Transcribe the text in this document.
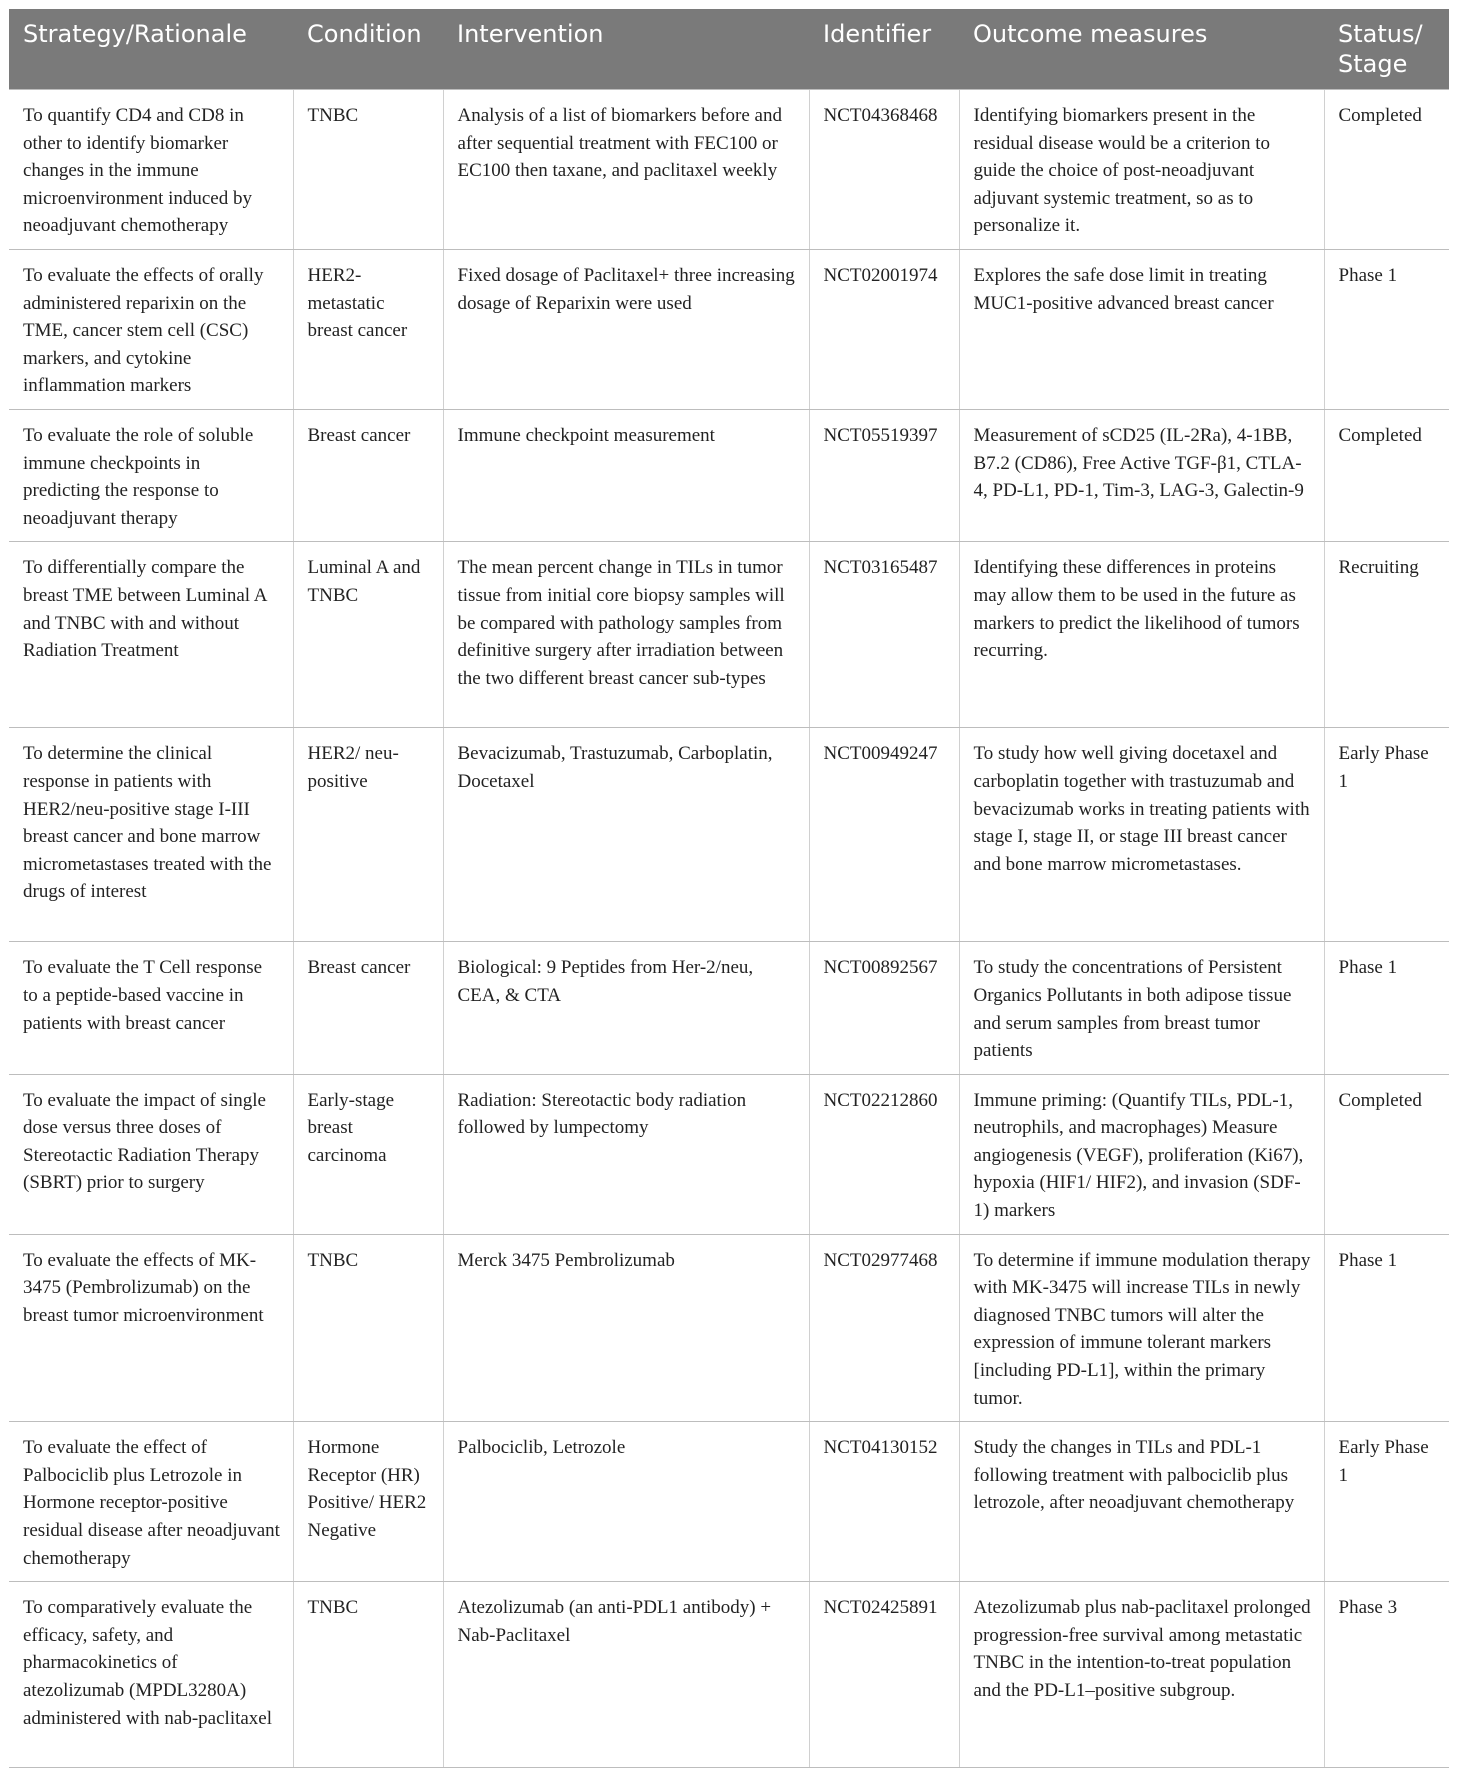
Strategy/Rationale	Condition	Intervention	Identifier	Outcome measures	Status/ Stage
To quantify CD4 and CD8 in other to identify biomarker changes in the immune microenvironment induced by neoadjuvant chemotherapy	TNBC	Analysis of a list of biomarkers before and after sequential treatment with FEC100 or EC100 then taxane, and paclitaxel weekly	NCT04368468	Identifying biomarkers present in the residual disease would be a criterion to guide the choice of post-neoadjuvant adjuvant systemic treatment, so as to personalize it.	Completed
To evaluate the effects of orally administered reparixin on the TME, cancer stem cell (CSC) markers, and cytokine inflammation markers	HER2-metastatic breast cancer	Fixed dosage of Paclitaxel+ three increasing dosage of Reparixin were used	NCT02001974	Explores the safe dose limit in treating MUC1-positive advanced breast cancer	Phase 1
To evaluate the role of soluble immune checkpoints in predicting the response to neoadjuvant therapy	Breast cancer	Immune checkpoint measurement	NCT05519397	Measurement of sCD25 (IL-2Ra), 4-1BB, B7.2 (CD86), Free Active TGF-β1, CTLA-4, PD-L1, PD-1, Tim-3, LAG-3, Galectin-9	Completed
To differentially compare the breast TME between Luminal A and TNBC with and without Radiation Treatment	Luminal A and TNBC	The mean percent change in TILs in tumor tissue from initial core biopsy samples will be compared with pathology samples from definitive surgery after irradiation between the two different breast cancer sub-types	NCT03165487	Identifying these differences in proteins may allow them to be used in the future as markers to predict the likelihood of tumors recurring.	Recruiting
To determine the clinical response in patients with HER2/neu-positive stage I-III breast cancer and bone marrow micrometastases treated with the drugs of interest	HER2/ neu-positive	Bevacizumab, Trastuzumab, Carboplatin, Docetaxel	NCT00949247	To study how well giving docetaxel and carboplatin together with trastuzumab and bevacizumab works in treating patients with stage I, stage II, or stage III breast cancer and bone marrow micrometastases.	Early Phase 1
To evaluate the T Cell response to a peptide-based vaccine in patients with breast cancer	Breast cancer	Biological: 9 Peptides from Her-2/neu, CEA, & CTA	NCT00892567	To study the concentrations of Persistent Organics Pollutants in both adipose tissue and serum samples from breast tumor patients	Phase 1
To evaluate the impact of single dose versus three doses of Stereotactic Radiation Therapy (SBRT) prior to surgery	Early-stage breast carcinoma	Radiation: Stereotactic body radiation followed by lumpectomy	NCT02212860	Immune priming: (Quantify TILs, PDL-1, neutrophils, and macrophages) Measure angiogenesis (VEGF), proliferation (Ki67), hypoxia (HIF1/ HIF2), and invasion (SDF-1) markers	Completed
To evaluate the effects of MK-3475 (Pembrolizumab) on the breast tumor microenvironment	TNBC	Merck 3475 Pembrolizumab	NCT02977468	To determine if immune modulation therapy with MK-3475 will increase TILs in newly diagnosed TNBC tumors will alter the expression of immune tolerant markers [including PD-L1], within the primary tumor.	Phase 1
To evaluate the effect of Palbociclib plus Letrozole in Hormone receptor-positive residual disease after neoadjuvant chemotherapy	Hormone Receptor (HR) Positive/ HER2 Negative	Palbociclib, Letrozole	NCT04130152	Study the changes in TILs and PDL-1 following treatment with palbociclib plus letrozole, after neoadjuvant chemotherapy	Early Phase 1
To comparatively evaluate the efficacy, safety, and pharmacokinetics of atezolizumab (MPDL3280A) administered with nab-paclitaxel	TNBC	Atezolizumab (an anti-PDL1 antibody) + Nab-Paclitaxel	NCT02425891	Atezolizumab plus nab-paclitaxel prolonged progression-free survival among metastatic TNBC in the intention-to-treat population and the PD-L1–positive subgroup.	Phase 3
